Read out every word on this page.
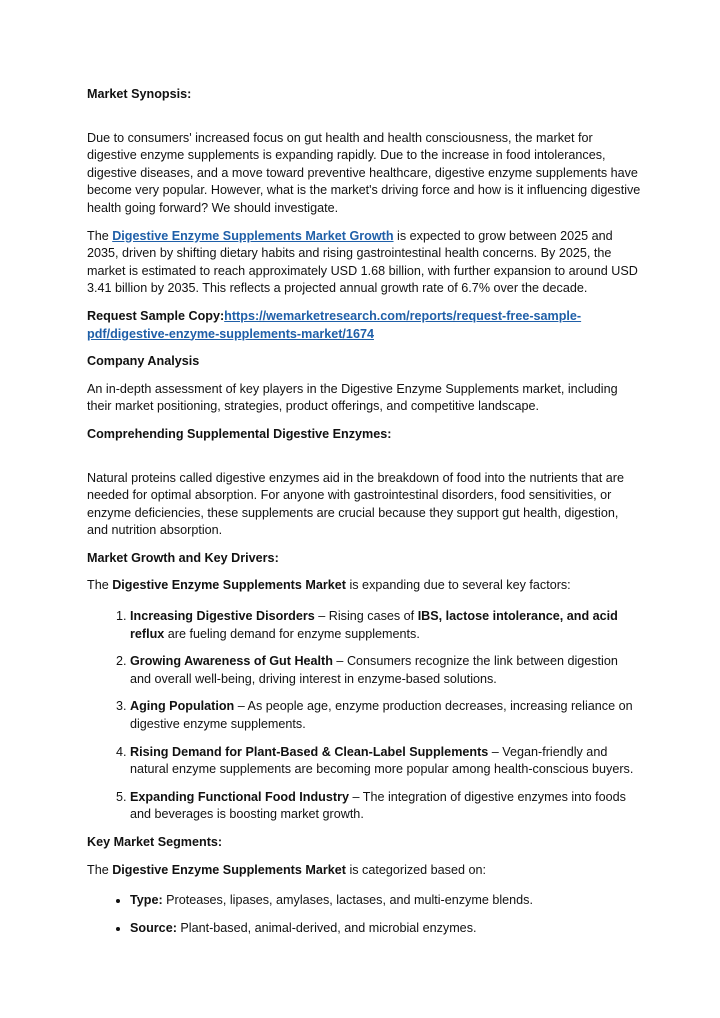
Market Synopsis:

Due to consumers' increased focus on gut health and health consciousness, the market for digestive enzyme supplements is expanding rapidly. Due to the increase in food intolerances, digestive diseases, and a move toward preventive healthcare, digestive enzyme supplements have become very popular. However, what is the market's driving force and how is it influencing digestive health going forward? We should investigate.

The Digestive Enzyme Supplements Market Growth is expected to grow between 2025 and 2035, driven by shifting dietary habits and rising gastrointestinal health concerns. By 2025, the market is estimated to reach approximately USD 1.68 billion, with further expansion to around USD 3.41 billion by 2035. This reflects a projected annual growth rate of 6.7% over the decade.

Request Sample Copy:https://wemarketresearch.com/reports/request-free-sample-pdf/digestive-enzyme-supplements-market/1674

Company Analysis

An in-depth assessment of key players in the Digestive Enzyme Supplements market, including their market positioning, strategies, product offerings, and competitive landscape.

Comprehending Supplemental Digestive Enzymes:

Natural proteins called digestive enzymes aid in the breakdown of food into the nutrients that are needed for optimal absorption. For anyone with gastrointestinal disorders, food sensitivities, or enzyme deficiencies, these supplements are crucial because they support gut health, digestion, and nutrition absorption.

Market Growth and Key Drivers:

The Digestive Enzyme Supplements Market is expanding due to several key factors:

1. Increasing Digestive Disorders – Rising cases of IBS, lactose intolerance, and acid reflux are fueling demand for enzyme supplements.
2. Growing Awareness of Gut Health – Consumers recognize the link between digestion and overall well-being, driving interest in enzyme-based solutions.
3. Aging Population – As people age, enzyme production decreases, increasing reliance on digestive enzyme supplements.
4. Rising Demand for Plant-Based & Clean-Label Supplements – Vegan-friendly and natural enzyme supplements are becoming more popular among health-conscious buyers.
5. Expanding Functional Food Industry – The integration of digestive enzymes into foods and beverages is boosting market growth.

Key Market Segments:

The Digestive Enzyme Supplements Market is categorized based on:

• Type: Proteases, lipases, amylases, lactases, and multi-enzyme blends.
• Source: Plant-based, animal-derived, and microbial enzymes.
